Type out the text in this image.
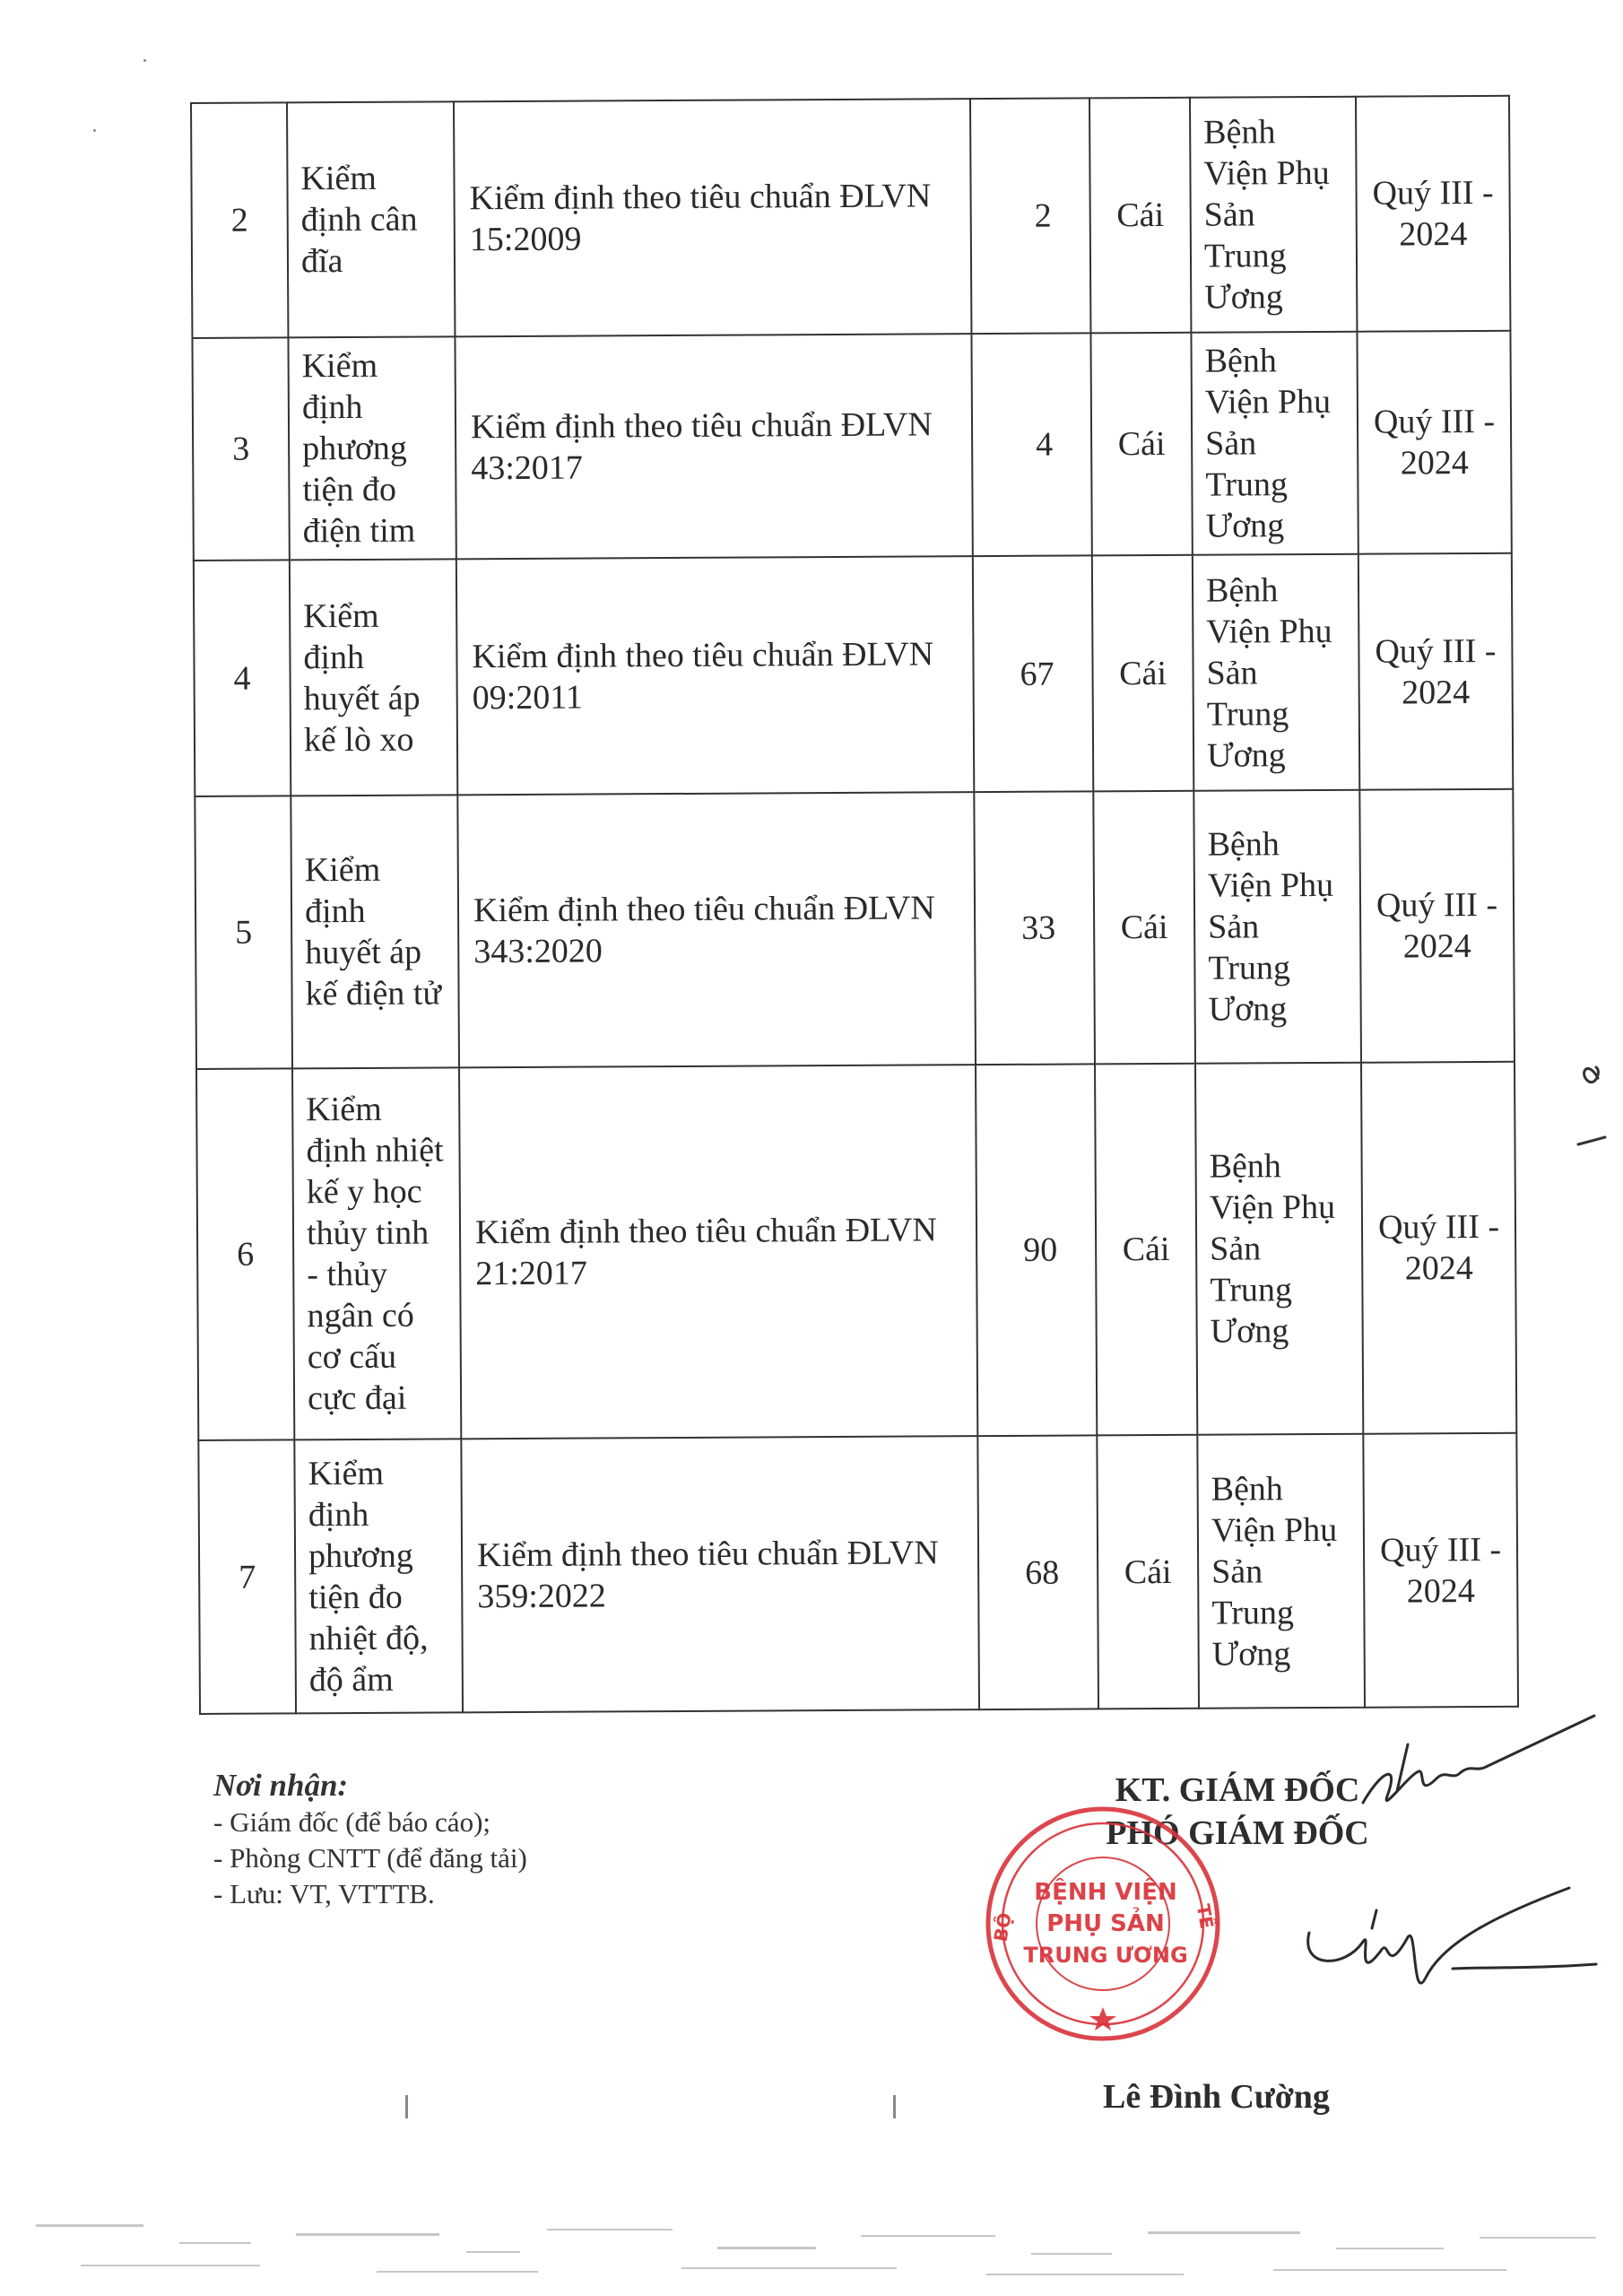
2	Kiểm định cân đĩa	Kiểm định theo tiêu chuẩn ĐLVN 15:2009	2	Cái	Bệnh Viện Phụ Sản Trung Ương	Quý III - 2024
3	Kiểm định phương tiện đo điện tim	Kiểm định theo tiêu chuẩn ĐLVN 43:2017	4	Cái	Bệnh Viện Phụ Sản Trung Ương	Quý III - 2024
4	Kiểm định huyết áp kế lò xo	Kiểm định theo tiêu chuẩn ĐLVN 09:2011	67	Cái	Bệnh Viện Phụ Sản Trung Ương	Quý III - 2024
5	Kiểm định huyết áp kế điện tử	Kiểm định theo tiêu chuẩn ĐLVN 343:2020	33	Cái	Bệnh Viện Phụ Sản Trung Ương	Quý III - 2024
6	Kiểm định nhiệt kế y học thủy tinh - thủy ngân có cơ cấu cực đại	Kiểm định theo tiêu chuẩn ĐLVN 21:2017	90	Cái	Bệnh Viện Phụ Sản Trung Ương	Quý III - 2024
7	Kiểm định phương tiện đo nhiệt độ, độ ẩm	Kiểm định theo tiêu chuẩn ĐLVN 359:2022	68	Cái	Bệnh Viện Phụ Sản Trung Ương	Quý III - 2024
Nơi nhận:
- Giám đốc (để báo cáo);
- Phòng CNTT (để đăng tải)
- Lưu: VT, VTTTB.
KT. GIÁM ĐỐC
PHÓ GIÁM ĐỐC
BỆNH VIỆN
PHỤ SẢN
TRUNG ƯƠNG
BỘ	TẾ
Lê Đình Cường
